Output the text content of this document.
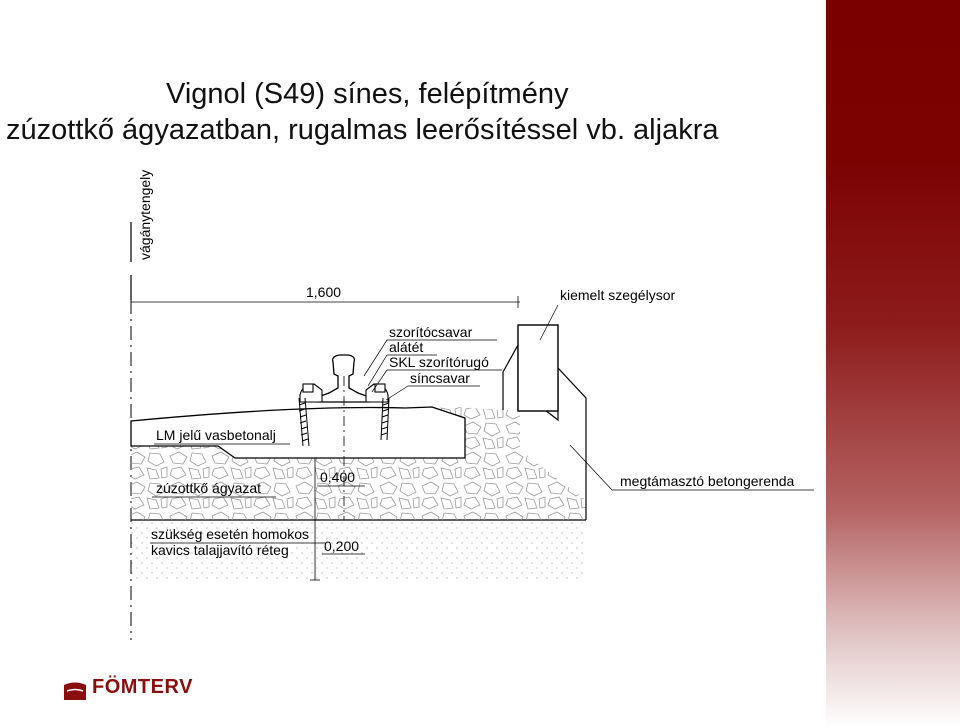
Vignol (S49) sínes, felépítmény
zúzottkő ágyazatban, rugalmas leerősítéssel vb. aljakra
vágánytengely
1,600	kiemelt szegélysor
szorítócsavar
alátét
SKL szorítórugó
síncsavar
LM jelű vasbetonalj
zúzottkő ágyazat
0,400	megtámasztó betongerenda
szükség esetén homokos
kavics talajjavító réteg	0,200
FÖMTERV
